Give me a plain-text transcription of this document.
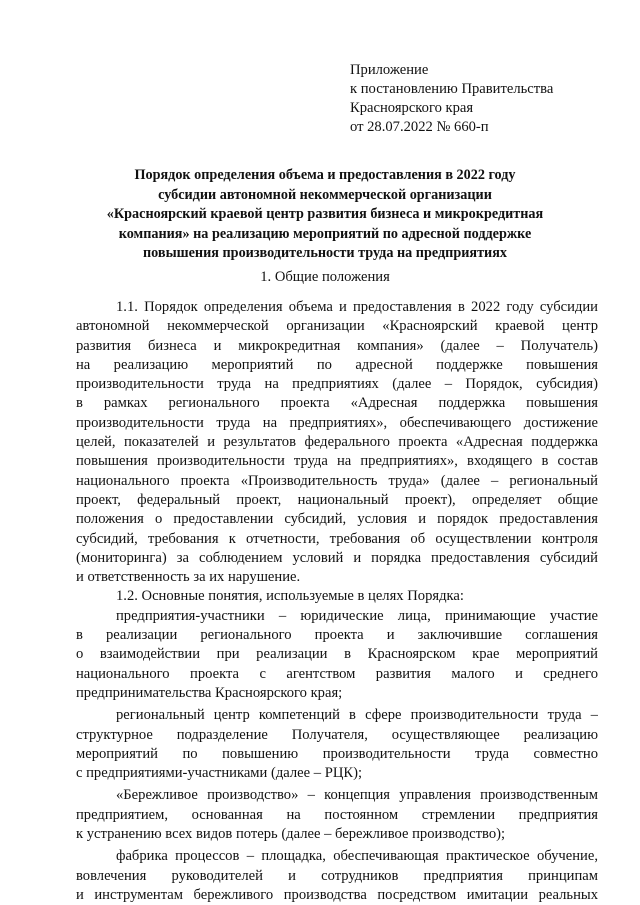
Приложение
к постановлению Правительства
Красноярского края
от 28.07.2022 № 660-п
Порядок определения объема и предоставления в 2022 году
субсидии автономной некоммерческой организации
«Красноярский краевой центр развития бизнеса и микрокредитная
компания» на реализацию мероприятий по адресной поддержке
повышения производительности труда на предприятиях
1. Общие положения
1.1. Порядок определения объема и предоставления в 2022 году субсидии
автономной некоммерческой организации «Красноярский краевой центр
развития бизнеса и микрокредитная компания» (далее – Получатель)
на реализацию мероприятий по адресной поддержке повышения
производительности труда на предприятиях (далее – Порядок, субсидия)
в рамках регионального проекта «Адресная поддержка повышения
производительности труда на предприятиях», обеспечивающего достижение
целей, показателей и результатов федерального проекта «Адресная поддержка
повышения производительности труда на предприятиях», входящего в состав
национального проекта «Производительность труда» (далее – региональный
проект, федеральный проект, национальный проект), определяет общие
положения о предоставлении субсидий, условия и порядок предоставления
субсидий, требования к отчетности, требования об осуществлении контроля
(мониторинга) за соблюдением условий и порядка предоставления субсидий
и ответственность за их нарушение.
1.2. Основные понятия, используемые в целях Порядка:
предприятия-участники – юридические лица, принимающие участие
в реализации регионального проекта и заключившие соглашения
о взаимодействии при реализации в Красноярском крае мероприятий
национального проекта с агентством развития малого и среднего
предпринимательства Красноярского края;
региональный центр компетенций в сфере производительности труда –
структурное подразделение Получателя, осуществляющее реализацию
мероприятий по повышению производительности труда совместно
с предприятиями-участниками (далее – РЦК);
«Бережливое производство» – концепция управления производственным
предприятием, основанная на постоянном стремлении предприятия
к устранению всех видов потерь (далее – бережливое производство);
фабрика процессов – площадка, обеспечивающая практическое обучение,
вовлечения руководителей и сотрудников предприятия принципам
и инструментам бережливого производства посредством имитации реальных
